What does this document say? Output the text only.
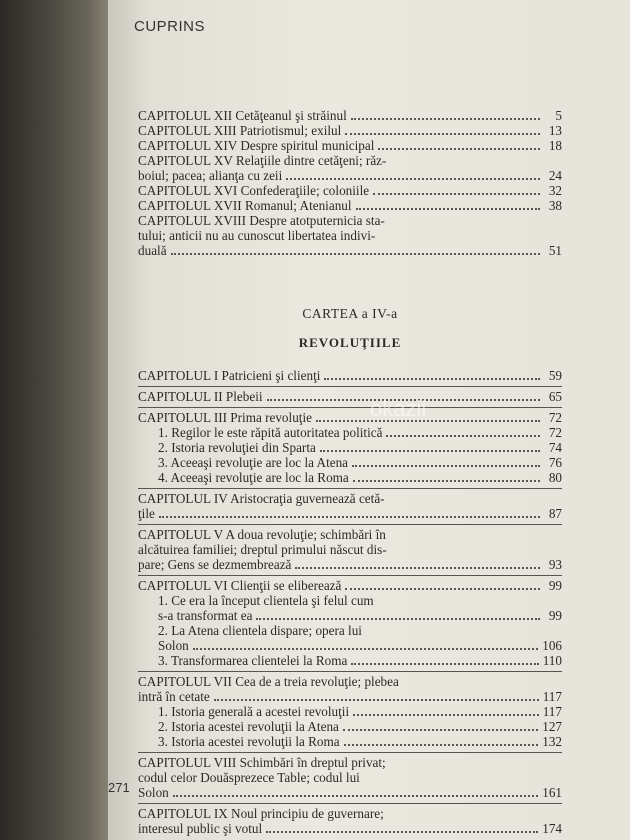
CUPRINS
CAPITOLUL XII Cetăţeanul şi străinul	5
CAPITOLUL XIII Patriotismul; exilul	13
CAPITOLUL XIV Despre spiritul municipal	18
CAPITOLUL XV Relaţiile dintre cetăţeni; răz-
boiul; pacea; alianţa cu zeii	24
CAPITOLUL XVI Confederaţiile; coloniile	32
CAPITOLUL XVII Romanul; Atenianul	38
CAPITOLUL XVIII Despre atotputernicia sta-
tului; anticii nu au cunoscut libertatea indivi-
duală	51
CARTEA a IV-a
REVOLUŢIILE
CAPITOLUL I Patricieni şi clienţi	59
CAPITOLUL II Plebeii	65
CAPITOLUL III Prima revoluţie	72
1. Regilor le este răpită autoritatea politică	72
2. Istoria revoluţiei din Sparta	74
3. Aceeaşi revoluţie are loc la Atena	76
4. Aceeaşi revoluţie are loc la Roma	80
CAPITOLUL IV Aristocraţia guvernează cetă-
ţile	87
CAPITOLUL V A doua revoluţie; schimbări în
alcătuirea familiei; dreptul primului născut dis-
pare; Gens se dezmembrează	93
CAPITOLUL VI Clienţii se eliberează	99
1. Ce era la început clientela şi felul cum
s-a transformat ea	99
2. La Atena clientela dispare; opera lui
Solon	106
3. Transformarea clientelei la Roma	110
CAPITOLUL VII Cea de a treia revoluţie; plebea
intră în cetate	117
1. Istoria generală a acestei revoluţii	117
2. Istoria acestei revoluţii la Atena	127
3. Istoria acestei revoluţii la Roma	132
CAPITOLUL VIII Schimbări în dreptul privat;
codul celor Douăsprezece Table; codul lui
Solon	161
CAPITOLUL IX Noul principiu de guvernare;
interesul public şi votul	174
okazii
271
